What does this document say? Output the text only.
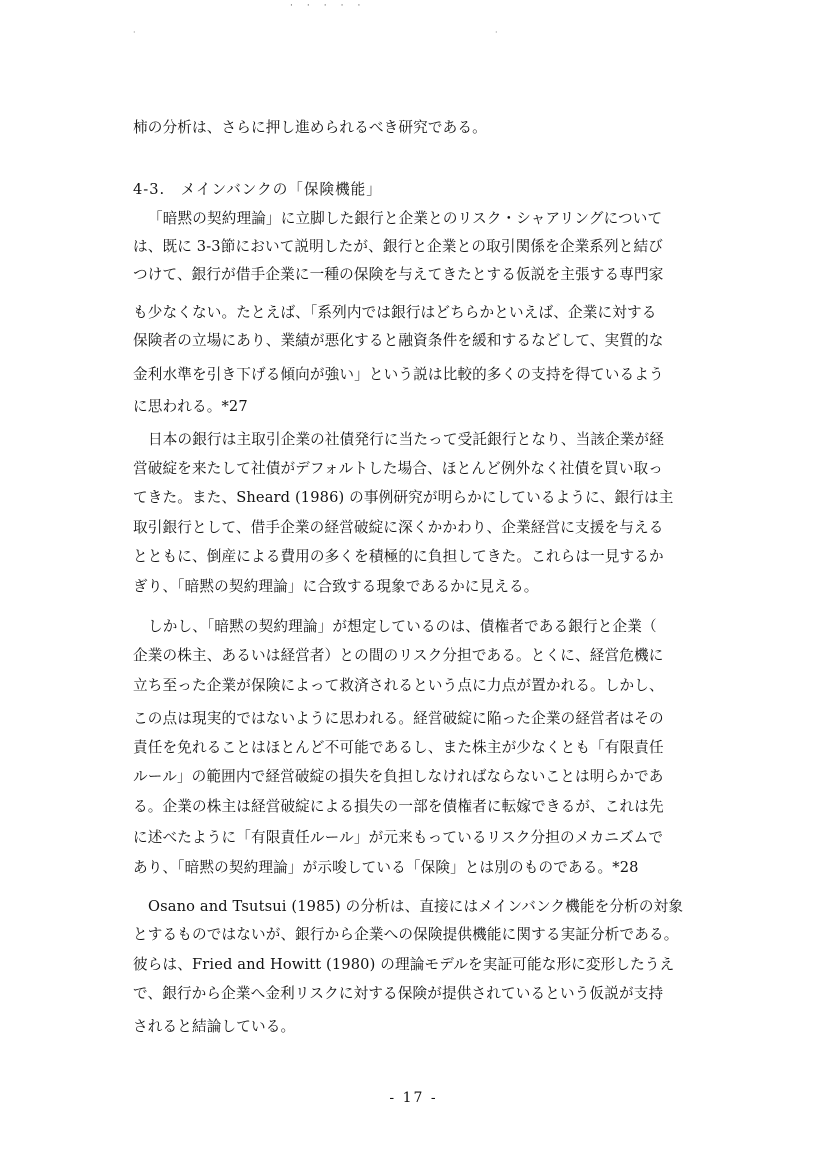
·····
·	·
柿の分析は、さらに押し進められるべき研究である。
4-3.　メインバンクの「保険機能」
「暗黙の契約理論」に立脚した銀行と企業とのリスク・シャアリングについて
は、既に 3-3節において説明したが、銀行と企業との取引関係を企業系列と結び
つけて、銀行が借手企業に一種の保険を与えてきたとする仮説を主張する専門家
も少なくない。たとえば、「系列内では銀行はどちらかといえば、企業に対する
保険者の立場にあり、業績が悪化すると融資条件を緩和するなどして、実質的な
金利水準を引き下げる傾向が強い」という説は比較的多くの支持を得ているよう
に思われる。*27
日本の銀行は主取引企業の社債発行に当たって受託銀行となり、当該企業が経
営破綻を来たして社債がデフォルトした場合、ほとんど例外なく社債を買い取っ
てきた。また、Sheard (1986) の事例研究が明らかにしているように、銀行は主
取引銀行として、借手企業の経営破綻に深くかかわり、企業経営に支援を与える
とともに、倒産による費用の多くを積極的に負担してきた。これらは一見するか
ぎり、「暗黙の契約理論」に合致する現象であるかに見える。
しかし、「暗黙の契約理論」が想定しているのは、債権者である銀行と企業（
企業の株主、あるいは経営者）との間のリスク分担である。とくに、経営危機に
立ち至った企業が保険によって救済されるという点に力点が置かれる。しかし、
この点は現実的ではないように思われる。経営破綻に陥った企業の経営者はその
責任を免れることはほとんど不可能であるし、また株主が少なくとも「有限責任
ルール」の範囲内で経営破綻の損失を負担しなければならないことは明らかであ
る。企業の株主は経営破綻による損失の一部を債権者に転嫁できるが、これは先
に述べたように「有限責任ルール」が元来もっているリスク分担のメカニズムで
あり、「暗黙の契約理論」が示唆している「保険」とは別のものである。*28
Osano and Tsutsui (1985) の分析は、直接にはメインバンク機能を分析の対象
とするものではないが、銀行から企業への保険提供機能に関する実証分析である。
彼らは、Fried and Howitt (1980) の理論モデルを実証可能な形に変形したうえ
で、銀行から企業へ金利リスクに対する保険が提供されているという仮説が支持
されると結論している。
- 17 -
